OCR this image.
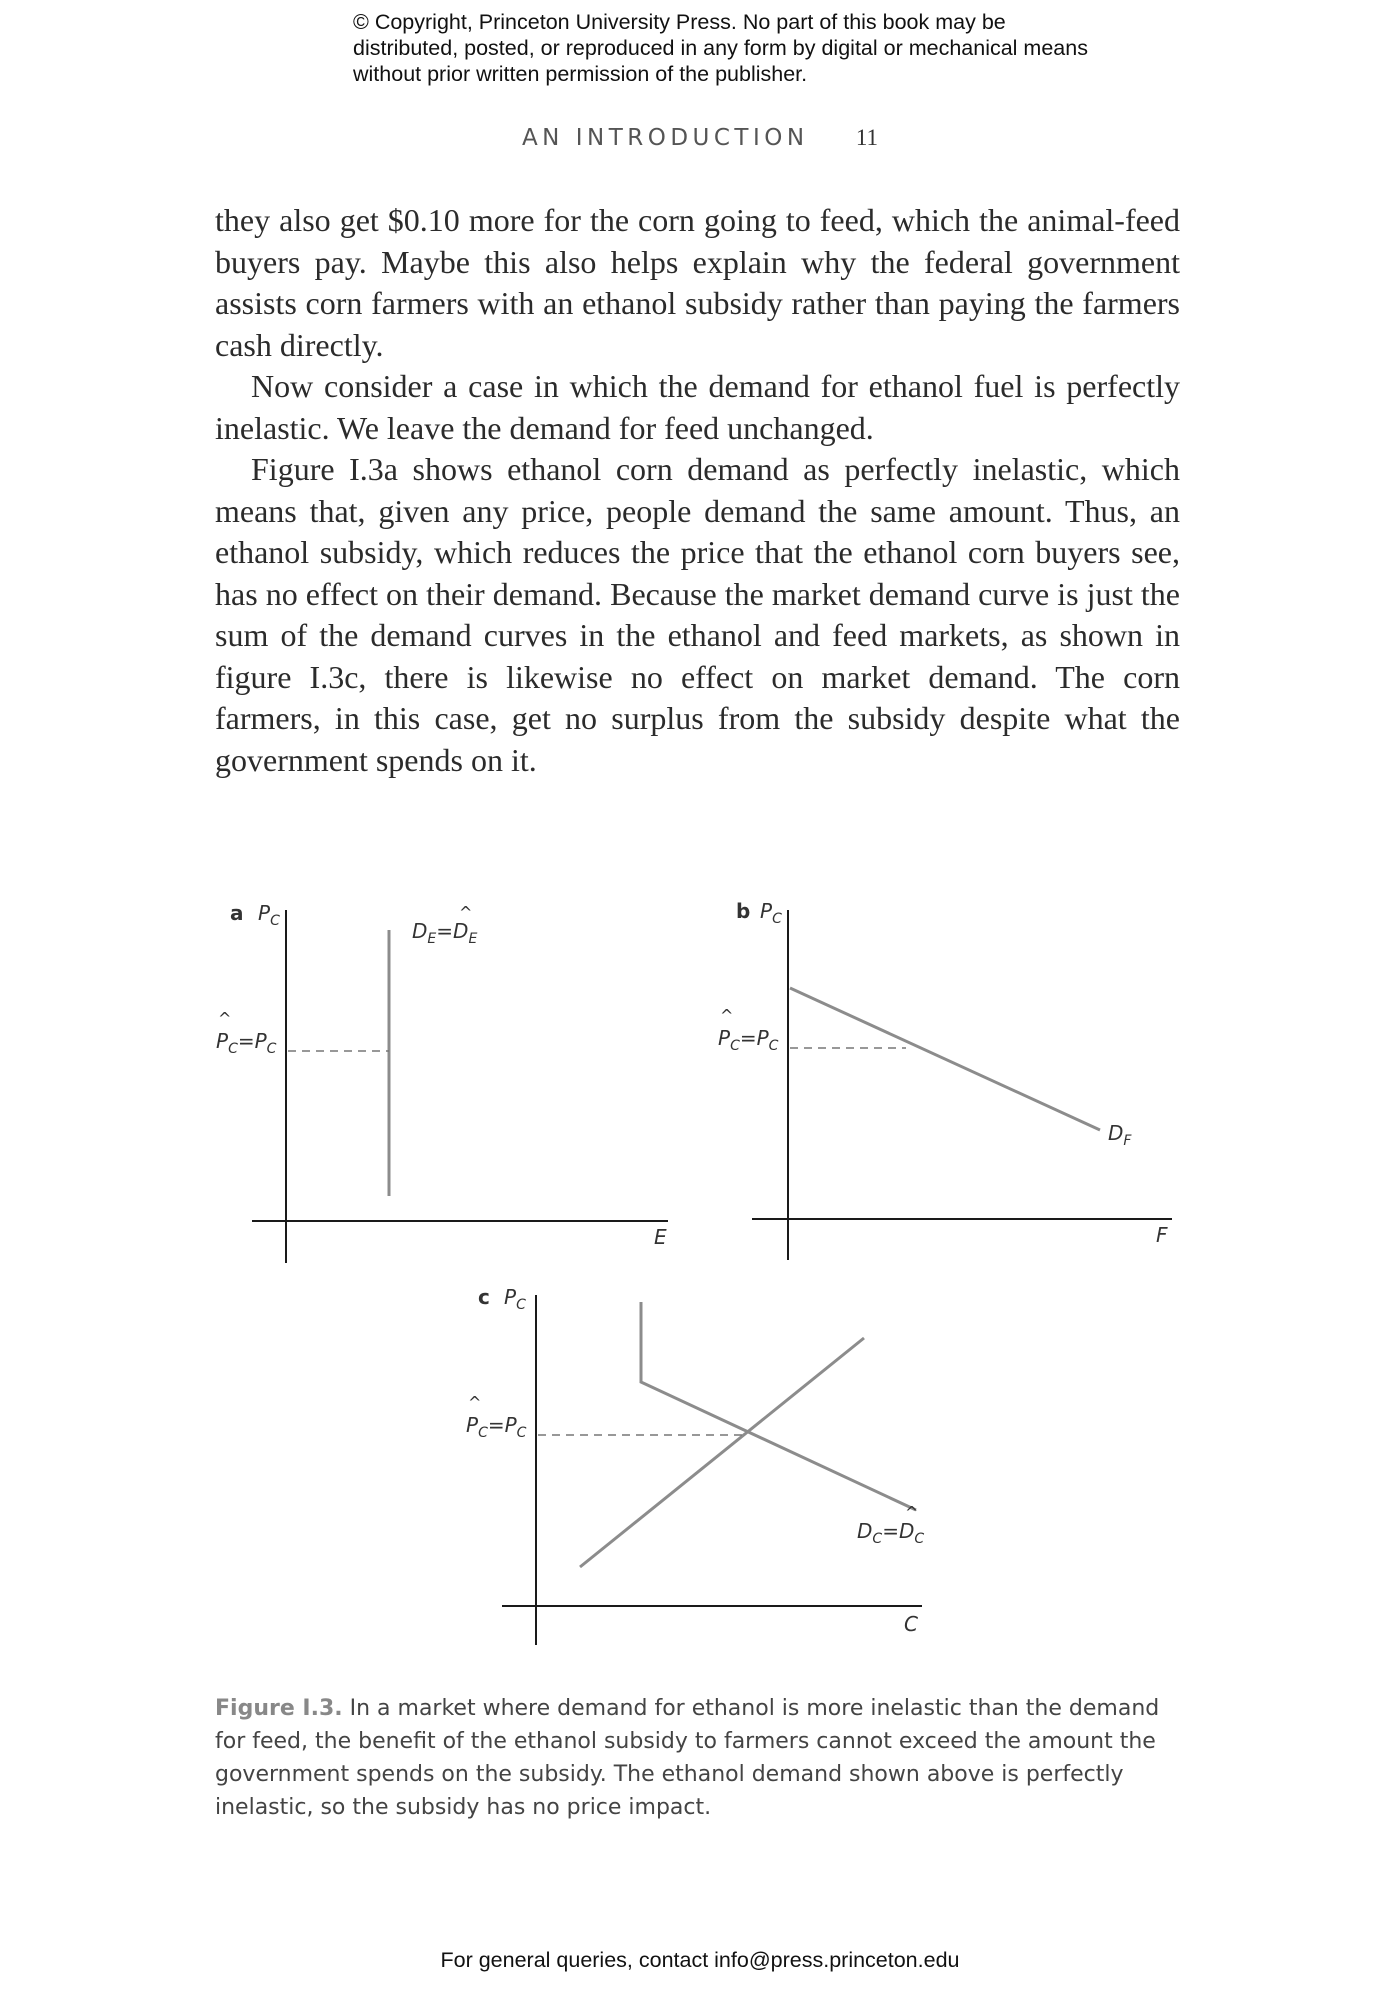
© Copyright, Princeton University Press. No part of this book may be distributed, posted, or reproduced in any form by digital or mechanical means without prior written permission of the publisher.
AN INTRODUCTION 11

they also get $0.10 more for the corn going to feed, which the animal-feed buyers pay. Maybe this also helps explain why the federal government assists corn farmers with an ethanol subsidy rather than paying the farmers cash directly.

Now consider a case in which the demand for ethanol fuel is perfectly inelastic. We leave the demand for feed unchanged.

Figure I.3a shows ethanol corn demand as perfectly inelastic, which means that, given any price, people demand the same amount. Thus, an ethanol subsidy, which reduces the price that the ethanol corn buyers see, has no effect on their demand. Because the market demand curve is just the sum of the demand curves in the ethanol and feed markets, as shown in figure I.3c, there is likewise no effect on market demand. The corn farmers, in this case, get no surplus from the subsidy despite what the government spends on it.

a $P_C$
$P_C=P_C$
^
$D_E=D_E$
^
E
b $P_C$
$P_C=P_C$
^
$D_F$
F
c $P_C$
$P_C=P_C$
^
$D_C=D_C$
^
C
Figure I.3. In a market where demand for ethanol is more inelastic than the demand for feed, the benefit of the ethanol subsidy to farmers cannot exceed the amount the government spends on the subsidy. The ethanol demand shown above is perfectly inelastic, so the subsidy has no price impact.
For general queries, contact info@press.princeton.edu
